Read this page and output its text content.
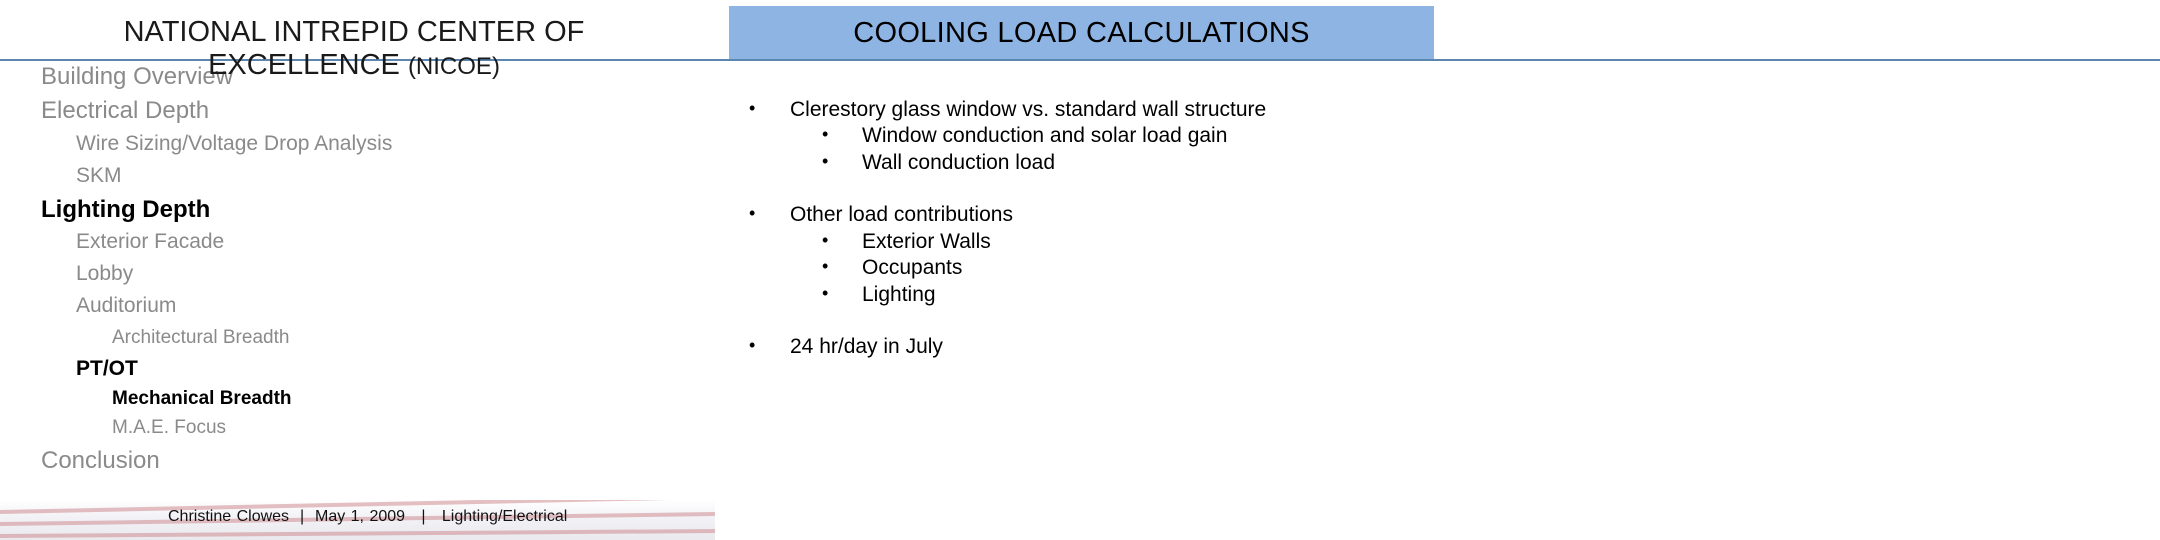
NATIONAL INTREPID CENTER OF
EXCELLENCE (NICOE)
COOLING LOAD CALCULATIONS
Building Overview
Electrical Depth
Wire Sizing/Voltage Drop Analysis
SKM
Lighting Depth
Exterior Facade
Lobby
Auditorium
Architectural Breadth
PT/OT
Mechanical Breadth
M.A.E. Focus
Conclusion
• Clerestory glass window vs. standard wall structure
• Window conduction and solar load gain
• Wall conduction load
• Other load contributions
• Exterior Walls
• Occupants
• Lighting
• 24 hr/day in July
Christine Clowes | May 1, 2009 | Lighting/Electrical
